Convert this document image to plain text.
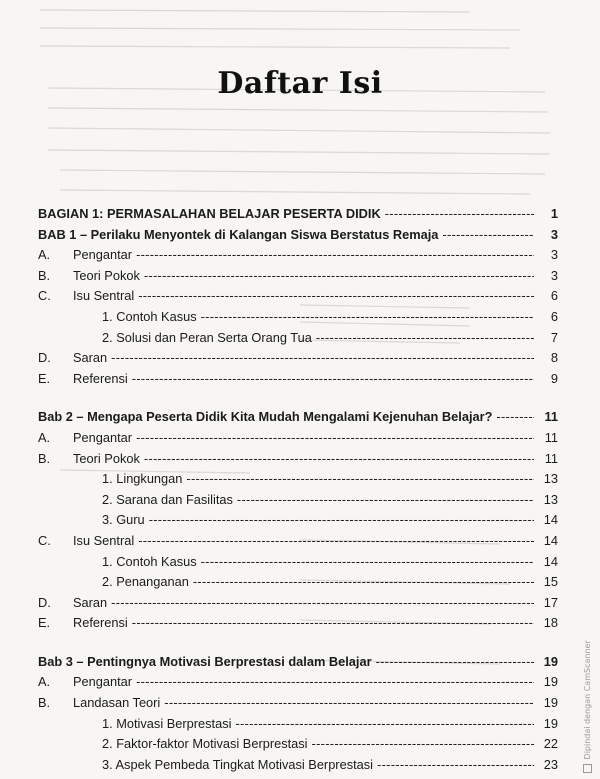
Daftar Isi
BAGIAN 1: PERMASALAHAN BELAJAR PESERTA DIDIK -----	1
BAB 1 – Perilaku Menyontek di Kalangan Siswa Berstatus Remaja -----	3
A.	Pengantar -----	3
B.	Teori Pokok -----	3
C.	Isu Sentral -----	6
1. Contoh Kasus -----	6
2. Solusi dan Peran Serta Orang Tua -----	7
D.	Saran -----	8
E.	Referensi -----	9
Bab 2 – Mengapa Peserta Didik Kita Mudah Mengalami Kejenuhan Belajar? -----	11
A.	Pengantar -----	11
B.	Teori Pokok -----	11
1. Lingkungan -----	13
2. Sarana dan Fasilitas -----	13
3. Guru -----	14
C.	Isu Sentral -----	14
1. Contoh Kasus -----	14
2. Penanganan -----	15
D.	Saran -----	17
E.	Referensi -----	18
Bab 3 – Pentingnya Motivasi Berprestasi dalam Belajar -----	19
A.	Pengantar -----	19
B.	Landasan Teori -----	19
1. Motivasi Berprestasi -----	19
2. Faktor-faktor Motivasi Berprestasi -----	22
3. Aspek Pembeda Tingkat Motivasi Berprestasi -----	23
Dipindai dengan CamScanner
